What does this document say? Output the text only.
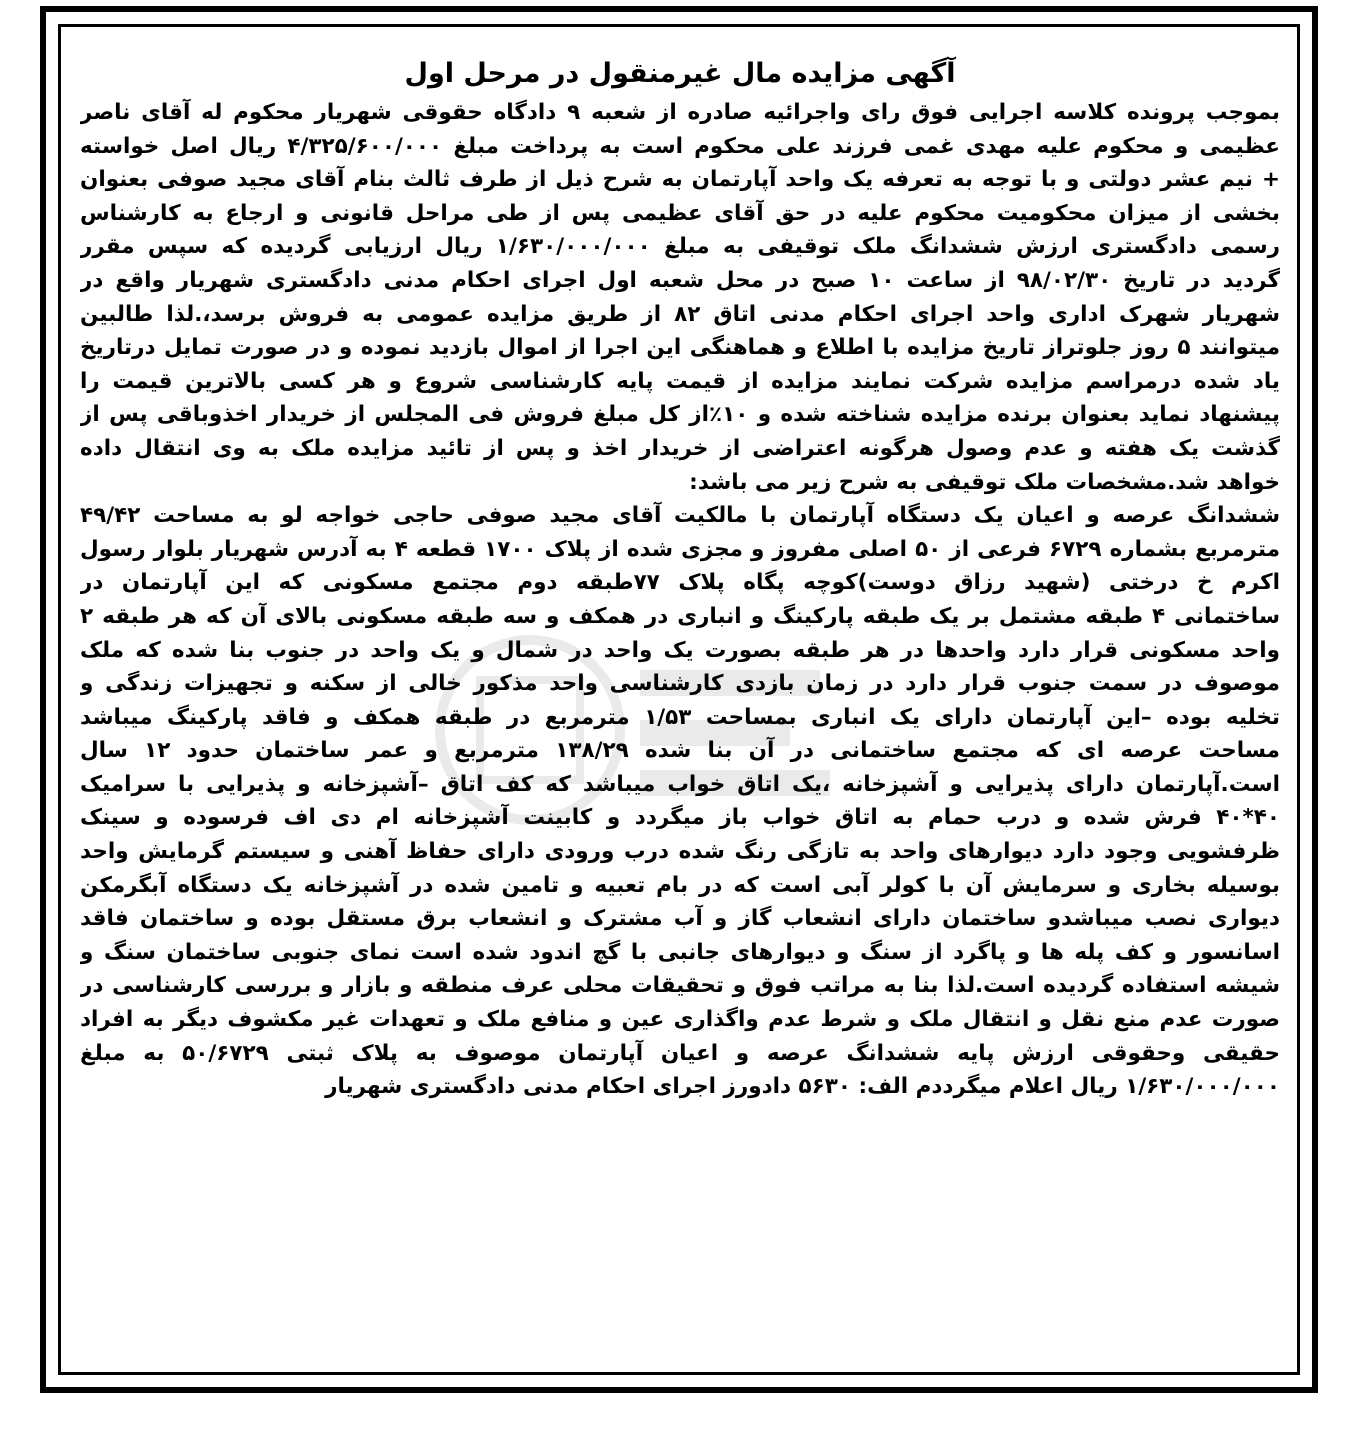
آگهی مزایده مال غیرمنقول در مرحل اول
بموجب پرونده کلاسه اجرایی فوق رای واجرائیه صادره از شعبه ۹ دادگاه حقوقی شهریار محکوم له آقای ناصر
عظیمی و محکوم علیه مهدی غمی فرزند علی محکوم است به پرداخت مبلغ ۴/۳۲۵/۶۰۰/۰۰۰ ریال اصل خواسته
+ نیم عشر دولتی و با توجه به تعرفه یک واحد آپارتمان به شرح ذیل از طرف ثالث بنام آقای مجید صوفی بعنوان
بخشی از میزان محکومیت محکوم علیه در حق آقای عظیمی پس از طی مراحل قانونی و ارجاع به کارشناس
رسمی دادگستری ارزش ششدانگ ملک توقیفی به مبلغ ۱/۶۳۰/۰۰۰/۰۰۰ ریال ارزیابی گردیده که سپس مقرر
گردید در تاریخ ۹۸/۰۲/۳۰ از ساعت ۱۰ صبح در محل شعبه اول اجرای احکام مدنی دادگستری شهریار واقع در
شهریار شهرک اداری واحد اجرای احکام مدنی اتاق ۸۲ از طریق مزایده عمومی به فروش برسد،.لذا طالبین
میتوانند ۵ روز جلوتراز تاریخ مزایده با اطلاع و هماهنگی این اجرا از اموال بازدید نموده و در صورت تمایل درتاریخ
یاد شده درمراسم مزایده شرکت نمایند مزایده از قیمت پایه کارشناسی شروع و هر کسی بالاترین قیمت را
پیشنهاد نماید بعنوان برنده مزایده شناخته شده و ۱۰٪از کل مبلغ فروش فی المجلس از خریدار اخذوباقی پس از
گذشت یک هفته و عدم وصول هرگونه اعتراضی از خریدار اخذ و پس از تائید مزایده ملک به وی انتقال داده
خواهد شد.مشخصات ملک توقیفی به شرح زیر می باشد:
ششدانگ عرصه و اعیان یک دستگاه آپارتمان با مالکیت آقای مجید صوفی حاجی خواجه لو به مساحت ۴۹/۴۲
مترمربع بشماره ۶۷۲۹ فرعی از ۵۰ اصلی مفروز و مجزی شده از پلاک ۱۷۰۰ قطعه ۴ به آدرس شهریار بلوار رسول
اکرم خ درختی (شهید رزاق دوست)کوچه پگاه پلاک ۷۷طبقه دوم مجتمع مسکونی که این آپارتمان در
ساختمانی ۴ طبقه مشتمل بر یک طبقه پارکینگ و انباری در همکف و سه طبقه مسکونی بالای آن که هر طبقه ۲
واحد مسکونی قرار دارد واحدها در هر طبقه بصورت یک واحد در شمال و یک واحد در جنوب بنا شده که ملک
موصوف در سمت جنوب قرار دارد در زمان بازدی کارشناسی واحد مذکور خالی از سکنه و تجهیزات زندگی و
تخلیه بوده –این آپارتمان دارای یک انباری بمساحت ۱/۵۳ مترمربع در طبقه همکف و فاقد پارکینگ میباشد
مساحت عرصه ای که مجتمع ساختمانی در آن بنا شده ۱۳۸/۲۹ مترمربع و عمر ساختمان حدود ۱۲ سال
است.آپارتمان دارای پذیرایی و آشپزخانه ،یک اتاق خواب میباشد که کف اتاق –آشپزخانه و پذیرایی با سرامیک
۴۰*۴۰ فرش شده و درب حمام به اتاق خواب باز میگردد و کابینت آشپزخانه ام دی اف فرسوده و سینک
ظرفشویی وجود دارد دیوارهای واحد به تازگی رنگ شده درب ورودی دارای حفاظ آهنی و سیستم گرمایش واحد
بوسیله بخاری و سرمایش آن با کولر آبی است که در بام تعبیه و تامین شده در آشپزخانه یک دستگاه آبگرمکن
دیواری نصب میباشدو ساختمان دارای انشعاب گاز و آب مشترک و انشعاب برق مستقل بوده و ساختمان فاقد
اسانسور و کف پله ها و پاگرد از سنگ و دیوارهای جانبی با گچ اندود شده است نمای جنوبی ساختمان سنگ و
شیشه استفاده گردیده است.لذا بنا به مراتب فوق و تحقیقات محلی عرف منطقه و بازار و بررسی کارشناسی در
صورت عدم منع نقل و انتقال ملک و شرط عدم واگذاری عین و منافع ملک و تعهدات غیر مکشوف دیگر به افراد
حقیقی وحقوقی ارزش پایه ششدانگ عرصه و اعیان آپارتمان موصوف به پلاک ثبتی ۵۰/۶۷۲۹ به مبلغ
۱/۶۳۰/۰۰۰/۰۰۰ ریال اعلام میگرددم الف: ۵۶۳۰ دادورز اجرای احکام مدنی دادگستری شهریار
